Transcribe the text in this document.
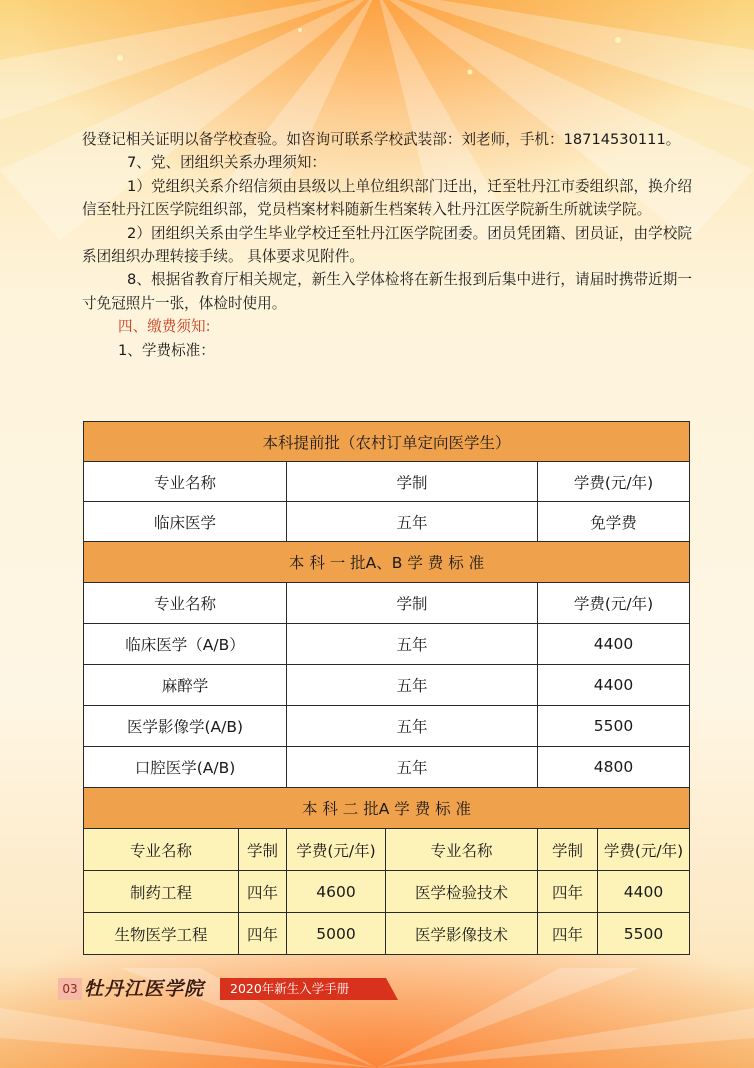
役登记相关证明以备学校查验。如咨询可联系学校武装部：刘老师，手机：18714530111。

7、党、团组织关系办理须知：

1）党组织关系介绍信须由县级以上单位组织部门迁出，迁至牡丹江市委组织部，换介绍信至牡丹江医学院组织部，党员档案材料随新生档案转入牡丹江医学院新生所就读学院。

2）团组织关系由学生毕业学校迁至牡丹江医学院团委。团员凭团籍、团员证，由学校院系团组织办理转接手续。 具体要求见附件。

8、根据省教育厅相关规定，新生入学体检将在新生报到后集中进行，请届时携带近期一寸免冠照片一张，体检时使用。

四、缴费须知:

1、学费标准：

本科提前批（农村订单定向医学生）					
专业名称		学制		学费(元/年)	
临床医学		五年		免学费	
本 科 一 批A、B 学 费 标 准					
专业名称		学制		学费(元/年)	
临床医学（A/B）		五年		4400	
麻醉学		五年		4400	
医学影像学(A/B)		五年		5500	
口腔医学(A/B)		五年		4800	
本 科 二 批A 学 费 标 准					
专业名称	学制	学费(元/年)	专业名称	学制	学费(元/年)
制药工程	四年	4600	医学检验技术	四年	4400
生物医学工程	四年	5000	医学影像技术	四年	5500
03 牡丹江医学院 2020年新生入学手册
